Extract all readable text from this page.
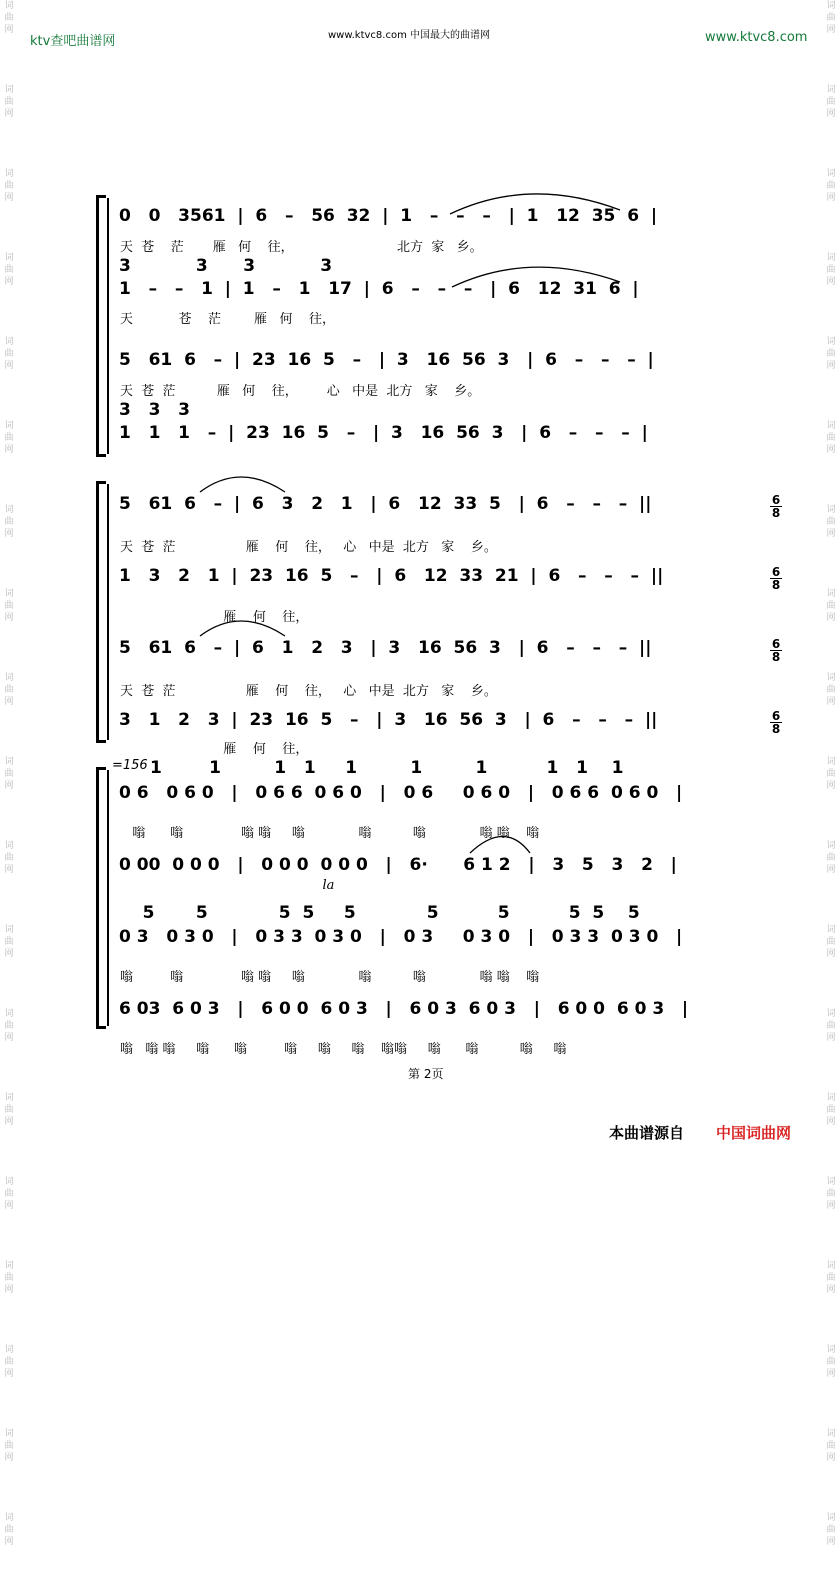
词
曲
网
词
曲
网
词
曲
网
词
曲
网
词
曲
网
词
曲
网
词
曲
网
词
曲
网
词
曲
网
词
曲
网
词
曲
网
词
曲
网
词
曲
网
词
曲
网
词
曲
网
词
曲
网
词
曲
网
词
曲
网
词
曲
网
词
曲
网
词
曲
网
词
曲
网
词
曲
网
词
曲
网
词
曲
网
词
曲
网
词
曲
网
词
曲
网
词
曲
网
词
曲
网
词
曲
网
词
曲
网
词
曲
网
词
曲
网
词
曲
网
词
曲
网
词
曲
网
词
曲
网
ktv查吧曲谱网	www.ktvc8.com 中国最大的曲谱网	www.ktvc8.com
0   0   3561  |  6   –   56  32  |  1   –   –   –   |  1   12  35  6  |
天  苍    茫       雁   何    往，                         北方  家   乡。
3           3      3           3
1   –   –   1  |  1   –   1   17  |  6   –   –   –   |  6   12  31  6  |
天           苍    茫        雁   何    往，
5   61  6   –  |  23  16  5   –   |  3   16  56  3   |  6   –   –   –  |
天  苍  茫          雁   何    往，       心   中是  北方   家    乡。
3   3   3
1   1   1   –  |  23  16  5   –   |  3   16  56  3   |  6   –   –   –  |
5   61  6   –  |  6   3   2   1   |  6   12  33  5   |  6   –   –   –  ||
天  苍  茫                 雁    何    往，   心   中是  北方   家    乡。
1   3   2   1  |  23  16  5   –   |  6   12  33  21  |  6   –   –   –  ||
雁    何    往，
5   61  6   –  |  6   1   2   3   |  3   16  56  3   |  6   –   –   –  ||
天  苍  茫                 雁    何    往，   心   中是  北方   家    乡。
3   1   2   3  |  23  16  5   –   |  3   16  56  3   |  6   –   –   –  ||
雁    何    往，
6
8
6
8
6
8
6
8
=156 1        1         1   1     1         1         1          1   1    1
0 6   0 6 0   |   0 6 6  0 6 0   |   0 6     0 6 0   |   0 6 6  0 6 0   |
嗡      嗡              嗡 嗡     嗡             嗡          嗡             嗡 嗡    嗡
0 00  0 0 0   |   0 0 0  0 0 0   |   6·      6 1 2   |   3   5   3   2   |
la
5       5            5  5     5            5          5          5  5    5
0 3   0 3 0   |   0 3 3  0 3 0   |   0 3     0 3 0   |   0 3 3  0 3 0   |
嗡         嗡              嗡 嗡     嗡             嗡          嗡             嗡 嗡    嗡
6 03  6 0 3   |   6 0 0  6 0 3   |   6 0 3  6 0 3   |   6 0 0  6 0 3   |
嗡   嗡 嗡     嗡      嗡         嗡     嗡     嗡    嗡嗡     嗡      嗡          嗡     嗡
第 2页
本曲谱源自 中国词曲网
